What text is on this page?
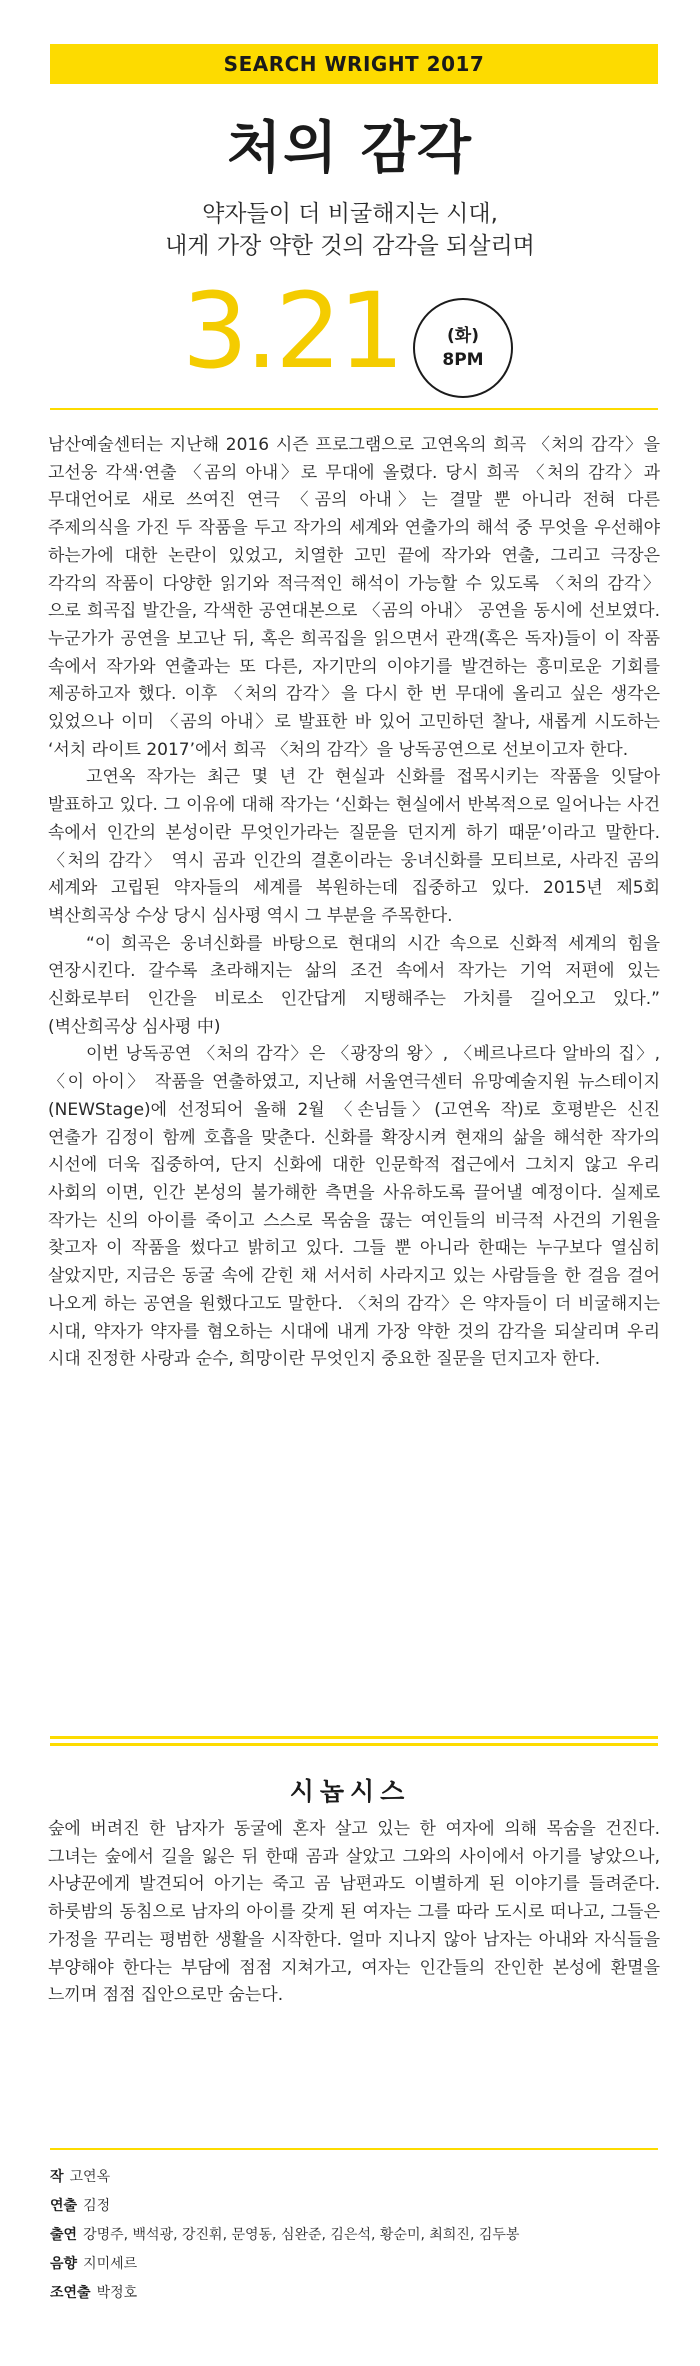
SEARCH WRIGHT 2017
처의 감각
약자들이 더 비굴해지는 시대,
내게 가장 약한 것의 감각을 되살리며
3.21	(화)
8PM

남산예술센터는 지난해 2016 시즌 프로그램으로 고연옥의 희곡 〈처의 감각〉을 고선웅 각색·연출 〈곰의 아내〉로 무대에 올렸다. 당시 희곡 〈처의 감각〉과 무대언어로 새로 쓰여진 연극 〈곰의 아내〉는 결말 뿐 아니라 전혀 다른 주제의식을 가진 두 작품을 두고 작가의 세계와 연출가의 해석 중 무엇을 우선해야 하는가에 대한 논란이 있었고, 치열한 고민 끝에 작가와 연출, 그리고 극장은 각각의 작품이 다양한 읽기와 적극적인 해석이 가능할 수 있도록 〈처의 감각〉으로 희곡집 발간을, 각색한 공연대본으로 〈곰의 아내〉 공연을 동시에 선보였다. 누군가가 공연을 보고난 뒤, 혹은 희곡집을 읽으면서 관객(혹은 독자)들이 이 작품 속에서 작가와 연출과는 또 다른, 자기만의 이야기를 발견하는 흥미로운 기회를 제공하고자 했다. 이후 〈처의 감각〉을 다시 한 번 무대에 올리고 싶은 생각은 있었으나 이미 〈곰의 아내〉로 발표한 바 있어 고민하던 찰나, 새롭게 시도하는 ‘서치 라이트 2017’에서 희곡 〈처의 감각〉을 낭독공연으로 선보이고자 한다.

고연옥 작가는 최근 몇 년 간 현실과 신화를 접목시키는 작품을 잇달아 발표하고 있다. 그 이유에 대해 작가는 ‘신화는 현실에서 반복적으로 일어나는 사건 속에서 인간의 본성이란 무엇인가라는 질문을 던지게 하기 때문’이라고 말한다. 〈처의 감각〉 역시 곰과 인간의 결혼이라는 웅녀신화를 모티브로, 사라진 곰의 세계와 고립된 약자들의 세계를 복원하는데 집중하고 있다. 2015년 제5회 벽산희곡상 수상 당시 심사평 역시 그 부분을 주목한다.

“이 희곡은 웅녀신화를 바탕으로 현대의 시간 속으로 신화적 세계의 힘을 연장시킨다. 갈수록 초라해지는 삶의 조건 속에서 작가는 기억 저편에 있는 신화로부터 인간을 비로소 인간답게 지탱해주는 가치를 길어오고 있다.” (벽산희곡상 심사평 中)

이번 낭독공연 〈처의 감각〉은 〈광장의 왕〉, 〈베르나르다 알바의 집〉, 〈이 아이〉 작품을 연출하였고, 지난해 서울연극센터 유망예술지원 뉴스테이지(NEWStage)에 선정되어 올해 2월 〈손님들〉(고연옥 작)로 호평받은 신진 연출가 김정이 함께 호흡을 맞춘다. 신화를 확장시켜 현재의 삶을 해석한 작가의 시선에 더욱 집중하여, 단지 신화에 대한 인문학적 접근에서 그치지 않고 우리 사회의 이면, 인간 본성의 불가해한 측면을 사유하도록 끌어낼 예정이다. 실제로 작가는 신의 아이를 죽이고 스스로 목숨을 끊는 여인들의 비극적 사건의 기원을 찾고자 이 작품을 썼다고 밝히고 있다. 그들 뿐 아니라 한때는 누구보다 열심히 살았지만, 지금은 동굴 속에 갇힌 채 서서히 사라지고 있는 사람들을 한 걸음 걸어 나오게 하는 공연을 원했다고도 말한다. 〈처의 감각〉은 약자들이 더 비굴해지는 시대, 약자가 약자를 혐오하는 시대에 내게 가장 약한 것의 감각을 되살리며 우리 시대 진정한 사랑과 순수, 희망이란 무엇인지 중요한 질문을 던지고자 한다.

시놉시스

숲에 버려진 한 남자가 동굴에 혼자 살고 있는 한 여자에 의해 목숨을 건진다. 그녀는 숲에서 길을 잃은 뒤 한때 곰과 살았고 그와의 사이에서 아기를 낳았으나, 사냥꾼에게 발견되어 아기는 죽고 곰 남편과도 이별하게 된 이야기를 들려준다. 하룻밤의 동침으로 남자의 아이를 갖게 된 여자는 그를 따라 도시로 떠나고, 그들은 가정을 꾸리는 평범한 생활을 시작한다. 얼마 지나지 않아 남자는 아내와 자식들을 부양해야 한다는 부담에 점점 지쳐가고, 여자는 인간들의 잔인한 본성에 환멸을 느끼며 점점 집안으로만 숨는다.

작 고연옥
연출 김정
출연 강명주, 백석광, 강진휘, 문영동, 심완준, 김은석, 황순미, 최희진, 김두봉
음향 지미세르
조연출 박정호
